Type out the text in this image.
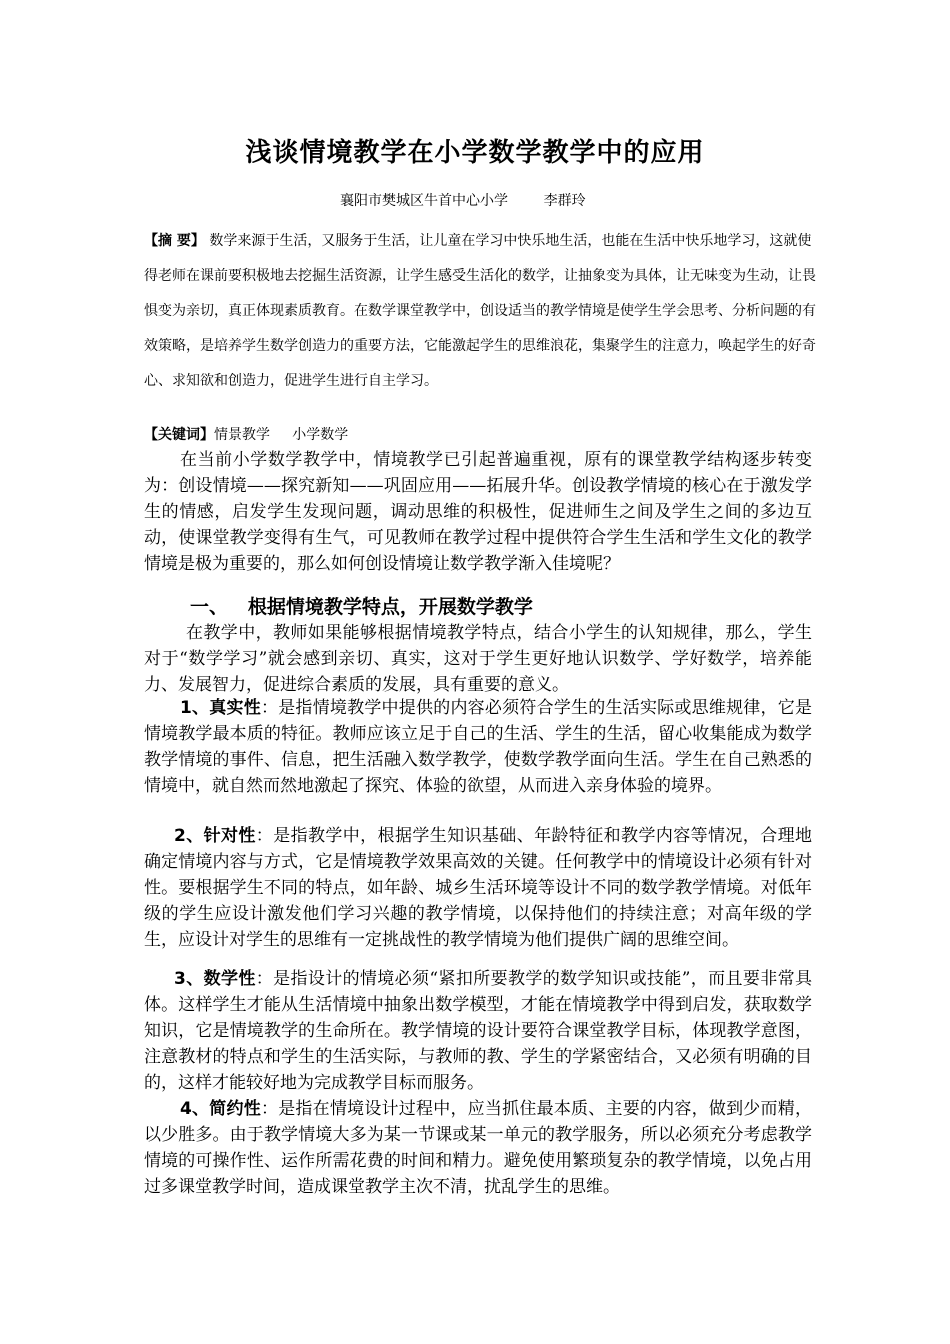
浅谈情境教学在小学数学教学中的应用
襄阳市樊城区牛首中心小学        李群玲
【摘 要】 数学来源于生活，又服务于生活，让儿童在学习中快乐地生活，也能在生活中快乐地学习，这就使得老师在课前要积极地去挖掘生活资源，让学生感受生活化的数学，让抽象变为具体，让无味变为生动，让畏惧变为亲切，真正体现素质教育。在数学课堂教学中，创设适当的教学情境是使学生学会思考、分析问题的有效策略，是培养学生数学创造力的重要方法，它能激起学生的思维浪花，集聚学生的注意力，唤起学生的好奇心、求知欲和创造力，促进学生进行自主学习。
【关键词】情景教学     小学数学
在当前小学数学教学中，情境教学已引起普遍重视，原有的课堂教学结构逐步转变为：创设情境——探究新知——巩固应用——拓展升华。创设教学情境的核心在于激发学生的情感，启发学生发现问题，调动思维的积极性，促进师生之间及学生之间的多边互动，使课堂教学变得有生气，可见教师在教学过程中提供符合学生生活和学生文化的教学情境是极为重要的，那么如何创设情境让数学教学渐入佳境呢？
一、   根据情境教学特点，开展数学教学
在教学中，教师如果能够根据情境教学特点，结合小学生的认知规律，那么，学生对于“数学学习”就会感到亲切、真实，这对于学生更好地认识数学、学好数学，培养能力、发展智力，促进综合素质的发展，具有重要的意义。
1、真实性：是指情境教学中提供的内容必须符合学生的生活实际或思维规律，它是情境教学最本质的特征。教师应该立足于自己的生活、学生的生活，留心收集能成为数学教学情境的事件、信息，把生活融入数学教学，使数学教学面向生活。学生在自己熟悉的情境中，就自然而然地激起了探究、体验的欲望，从而进入亲身体验的境界。
2、针对性：是指教学中，根据学生知识基础、年龄特征和教学内容等情况，合理地确定情境内容与方式，它是情境教学效果高效的关键。任何教学中的情境设计必须有针对性。要根据学生不同的特点，如年龄、城乡生活环境等设计不同的数学教学情境。对低年级的学生应设计激发他们学习兴趣的教学情境，以保持他们的持续注意；对高年级的学生，应设计对学生的思维有一定挑战性的教学情境为他们提供广阔的思维空间。
3、数学性：是指设计的情境必须“紧扣所要教学的数学知识或技能”，而且要非常具体。这样学生才能从生活情境中抽象出数学模型，才能在情境教学中得到启发，获取数学知识，它是情境教学的生命所在。教学情境的设计要符合课堂教学目标，体现教学意图，注意教材的特点和学生的生活实际，与教师的教、学生的学紧密结合，又必须有明确的目的，这样才能较好地为完成教学目标而服务。
4、简约性：是指在情境设计过程中，应当抓住最本质、主要的内容，做到少而精，以少胜多。由于教学情境大多为某一节课或某一单元的教学服务，所以必须充分考虑教学情境的可操作性、运作所需花费的时间和精力。避免使用繁琐复杂的教学情境，以免占用过多课堂教学时间，造成课堂教学主次不清，扰乱学生的思维。
